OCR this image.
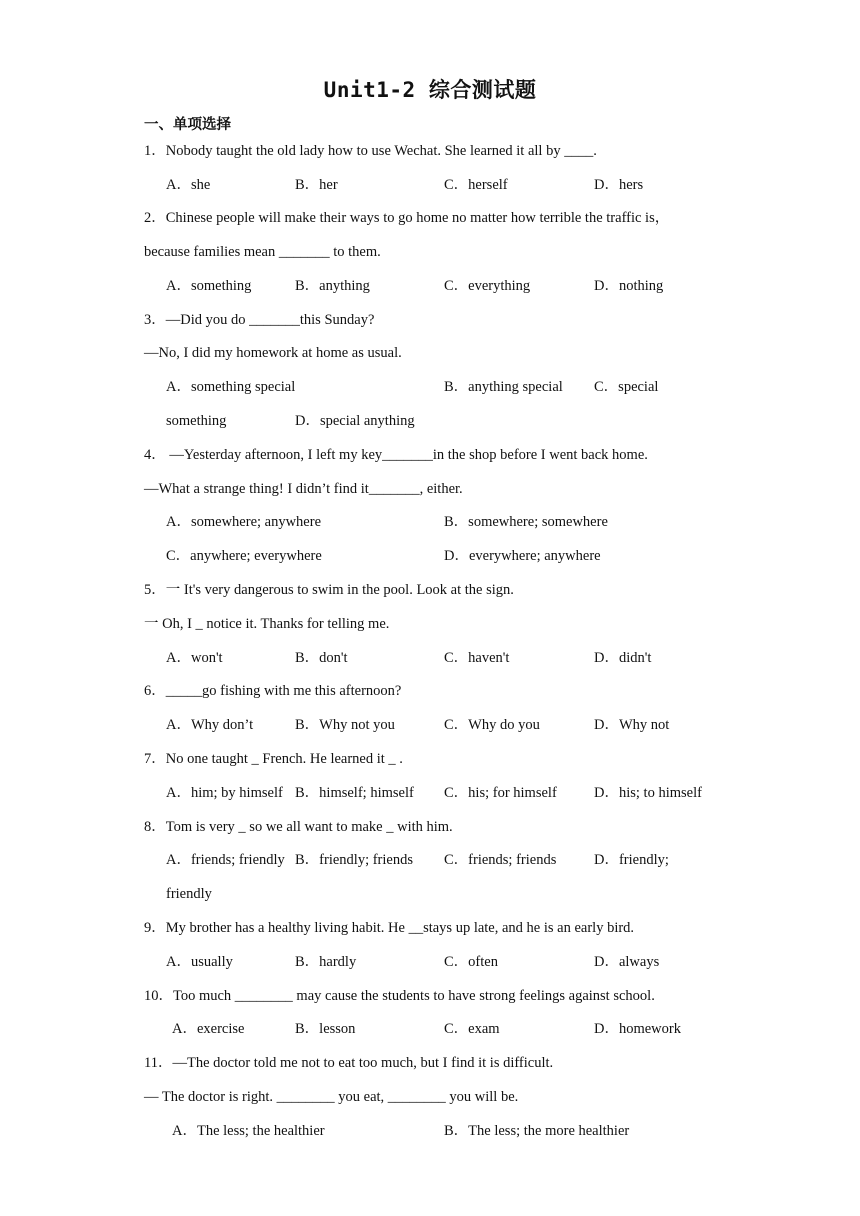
Unit1-2 综合测试题
一、单项选择
1．Nobody taught the old lady how to use Wechat. She learned it all by ____.
A．she	B．her	C．herself	D．hers
2．Chinese people will make their ways to go home no matter how terrible the traffic is，
because families mean _______ to them.
A．something	B．anything	C．everything	D．nothing
3．—Did you do _______this Sunday?
—No, I did my homework at home as usual.
A．something special	B．anything special C．special
something	D．special anything
4． —Yesterday afternoon, I left my key_______in the shop before I went back home.
—What a strange thing! I didn’t find it_______, either.
A．somewhere; anywhere	B．somewhere; somewhere
C．anywhere; everywhere	D．everywhere; anywhere
5．一 It's very dangerous to swim in the pool. Look at the sign.
一 Oh, I _ notice it. Thanks for telling me.
A．won't	B．don't	C．haven't	D．didn't
6．_____go fishing with me this afternoon?
A．Why don’t	B．Why not you	C．Why do you	D．Why not
7．No one taught _ French. He learned it _ .
A．him; by himself B．himself; himself C．his; for himself	D．his; to himself
8．Tom is very _ so we all want to make _ with him.
A．friends; friendly B．friendly; friends C．friends; friends	D．friendly;
friendly
9．My brother has a healthy living habit. He __stays up late, and he is an early bird.
A．usually	B．hardly	C．often	D．always
10．Too much ________ may cause the students to have strong feelings against school.
A．exercise	B．lesson	C．exam	D．homework
11．—The doctor told me not to eat too much, but I find it is difficult.
— The doctor is right. ________ you eat, ________ you will be.
A．The less; the healthier	B．The less; the more healthier
